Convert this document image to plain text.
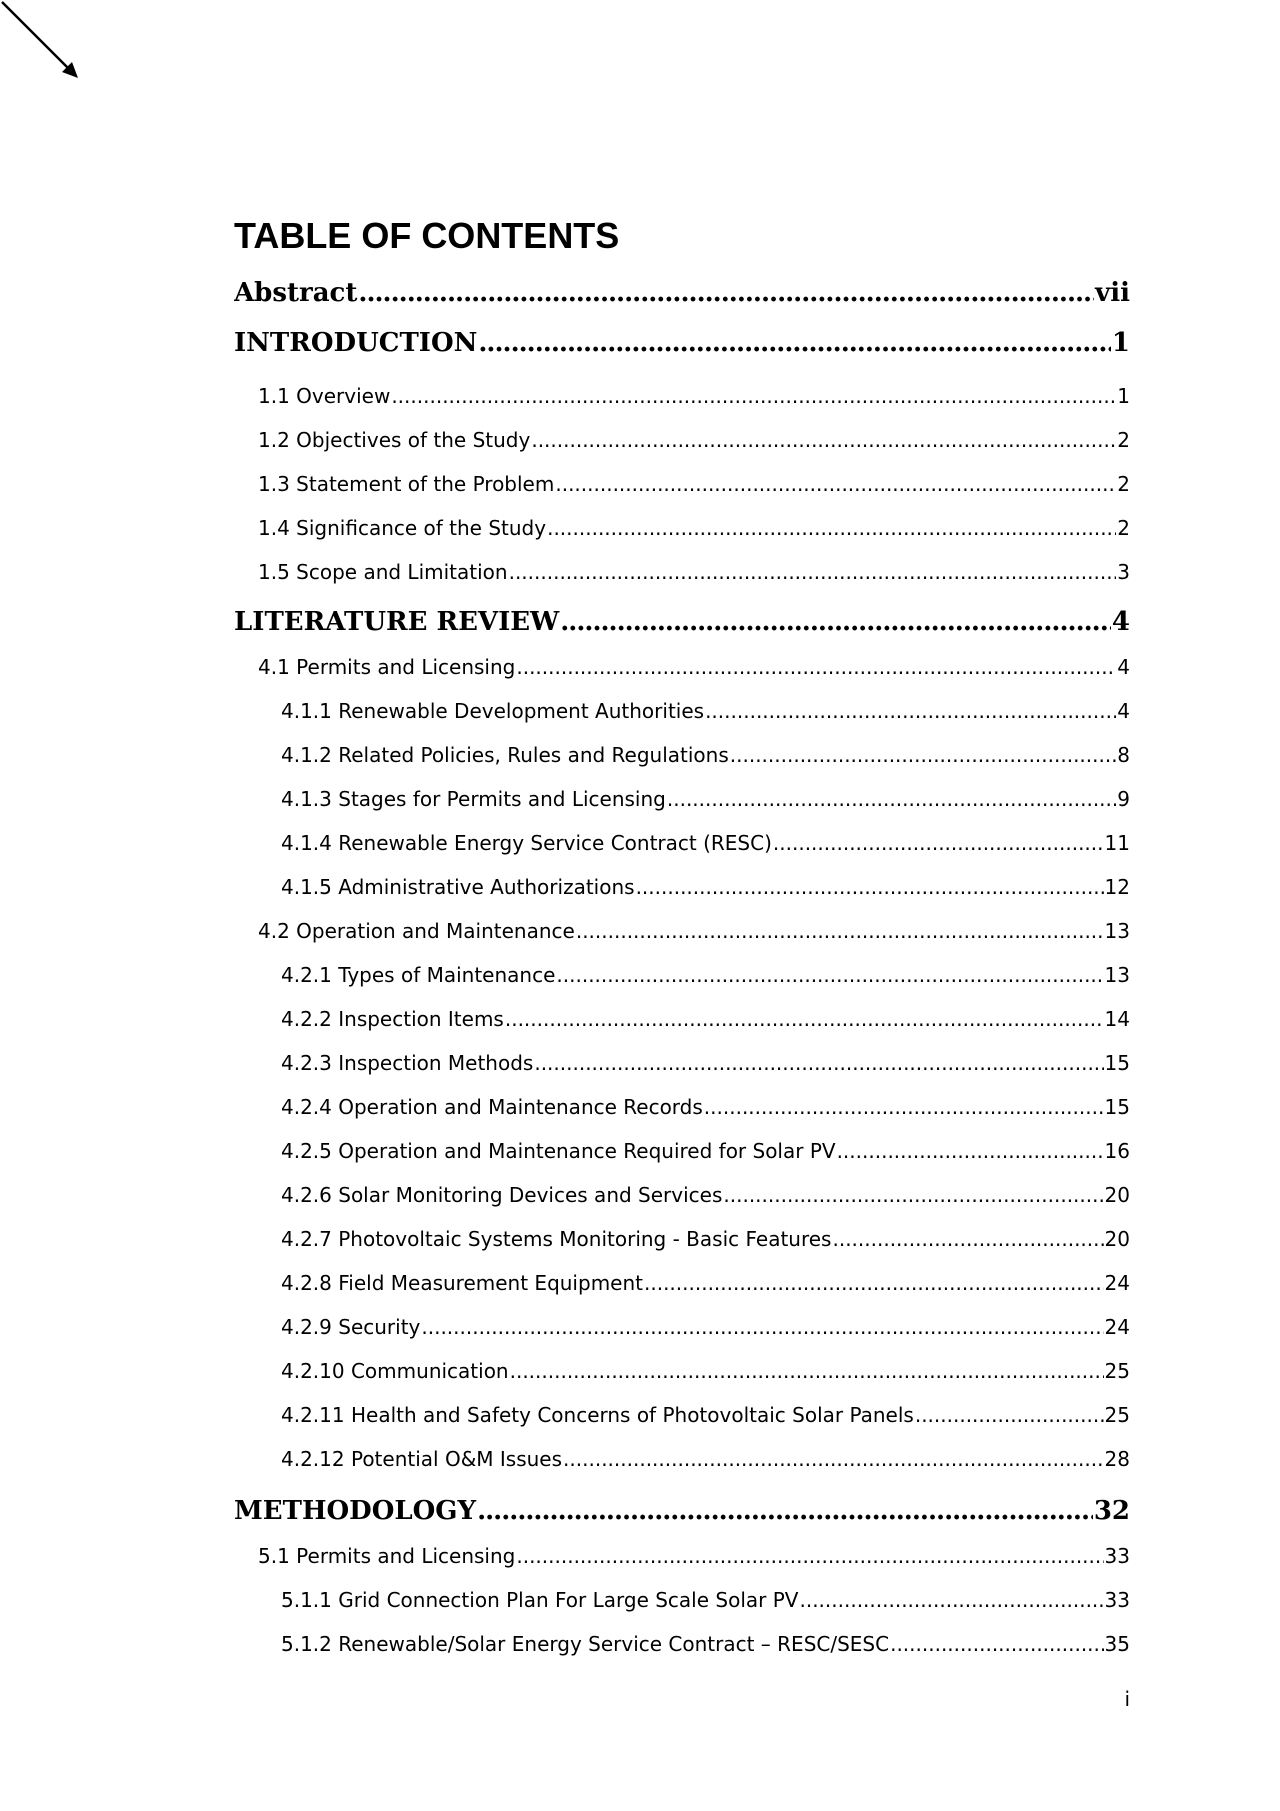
TABLE OF CONTENTS
Abstract .....	vii
INTRODUCTION .....	1
1.1 Overview .....	1
1.2 Objectives of the Study .....	2
1.3 Statement of the Problem .....	2
1.4 Significance of the Study .....	2
1.5 Scope and Limitation .....	3
LITERATURE REVIEW .....	4
4.1 Permits and Licensing .....	4
4.1.1 Renewable Development Authorities .....	4
4.1.2 Related Policies, Rules and Regulations .....	8
4.1.3 Stages for Permits and Licensing .....	9
4.1.4 Renewable Energy Service Contract (RESC) .....	11
4.1.5 Administrative Authorizations .....	12
4.2 Operation and Maintenance .....	13
4.2.1 Types of Maintenance .....	13
4.2.2 Inspection Items .....	14
4.2.3 Inspection Methods .....	15
4.2.4 Operation and Maintenance Records .....	15
4.2.5 Operation and Maintenance Required for Solar PV .....	16
4.2.6 Solar Monitoring Devices and Services .....	20
4.2.7 Photovoltaic Systems Monitoring - Basic Features .....	20
4.2.8 Field Measurement Equipment .....	24
4.2.9 Security .....	24
4.2.10 Communication .....	25
4.2.11 Health and Safety Concerns of Photovoltaic Solar Panels .....	25
4.2.12 Potential O&M Issues .....	28
METHODOLOGY .....	32
5.1 Permits and Licensing .....	33
5.1.1 Grid Connection Plan For Large Scale Solar PV .....	33
5.1.2 Renewable/Solar Energy Service Contract – RESC/SESC .....	35
i
